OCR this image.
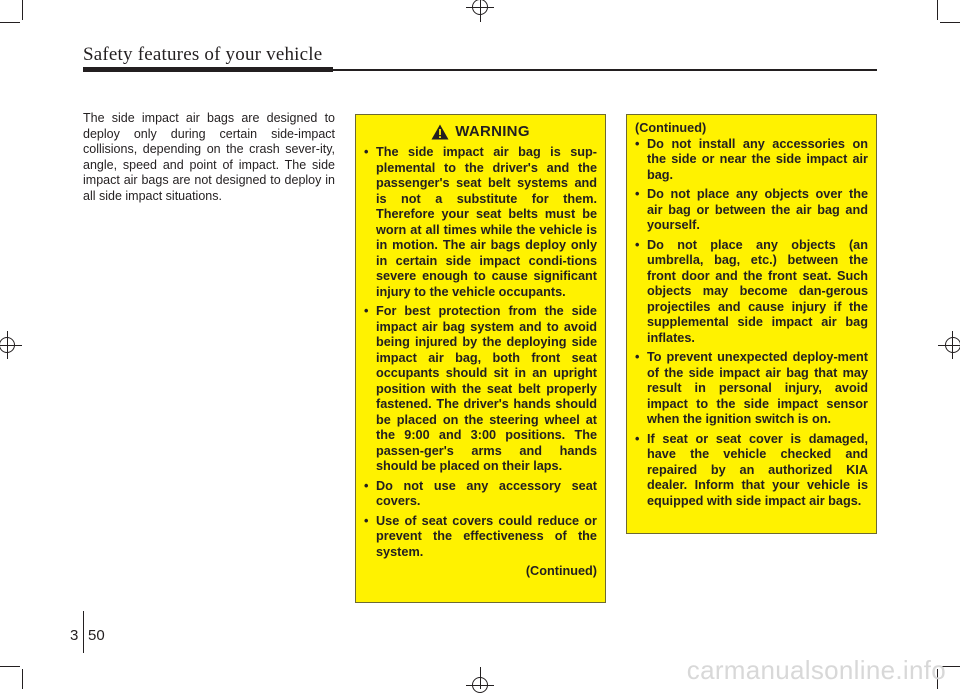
Safety features of your vehicle

The side impact air bags are designed to deploy only during certain side-impact collisions, depending on the crash sever-ity, angle, speed and point of impact. The side impact air bags are not designed to deploy in all side impact situations.

WARNING
• The side impact air bag is sup-plemental to the driver's and the passenger's seat belt systems and is not a substitute for them. Therefore your seat belts must be worn at all times while the vehicle is in motion. The air bags deploy only in certain side impact condi-tions severe enough to cause significant injury to the vehicle occupants.
• For best protection from the side impact air bag system and to avoid being injured by the deploying side impact air bag, both front seat occupants should sit in an upright position with the seat belt properly fastened. The driver's hands should be placed on the steering wheel at the 9:00 and 3:00 positions. The passen-ger's arms and hands should be placed on their laps.
• Do not use any accessory seat covers.
• Use of seat covers could reduce or prevent the effectiveness of the system.
(Continued)
(Continued)
• Do not install any accessories on the side or near the side impact air bag.
• Do not place any objects over the air bag or between the air bag and yourself.
• Do not place any objects (an umbrella, bag, etc.) between the front door and the front seat. Such objects may become dan-gerous projectiles and cause injury if the supplemental side impact air bag inflates.
• To prevent unexpected deploy-ment of the side impact air bag that may result in personal injury, avoid impact to the side impact sensor when the ignition switch is on.
• If seat or seat cover is damaged, have the vehicle checked and repaired by an authorized KIA dealer. Inform that your vehicle is equipped with side impact air bags.
3 50
carmanualsonline.info
